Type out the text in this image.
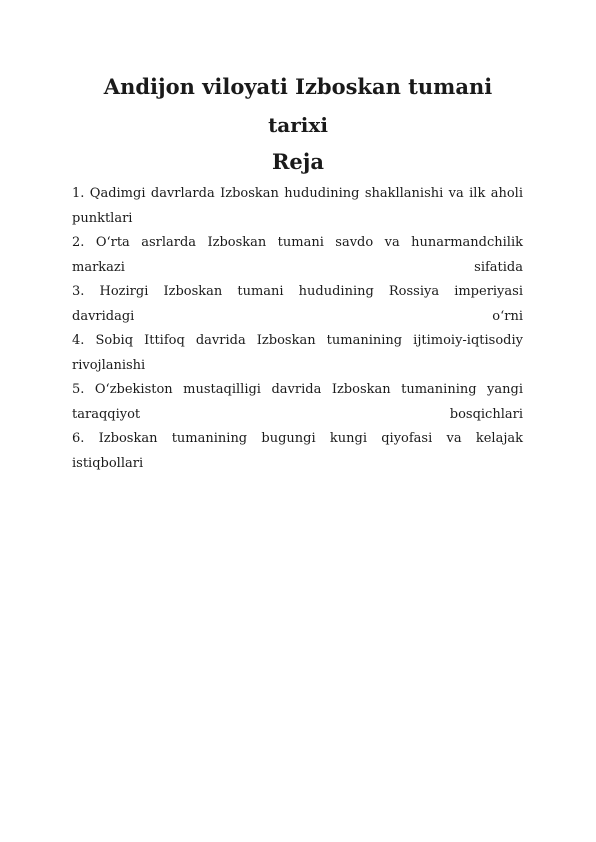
Andijon viloyati Izboskan tumani
tarixi
Reja
1. Qadimgi davrlarda Izboskan hududining shakllanishi va ilk aholi punktlari
2. O‘rta asrlarda Izboskan tumani savdo va hunarmandchilik markazi sifatida
3. Hozirgi Izboskan tumani hududining Rossiya imperiyasi davridagi o‘rni
4. Sobiq Ittifoq davrida Izboskan tumanining ijtimoiy-iqtisodiy rivojlanishi
5. O‘zbekiston mustaqilligi davrida Izboskan tumanining yangi taraqqiyot bosqichlari
6. Izboskan tumanining bugungi kungi qiyofasi va kelajak istiqbollari
